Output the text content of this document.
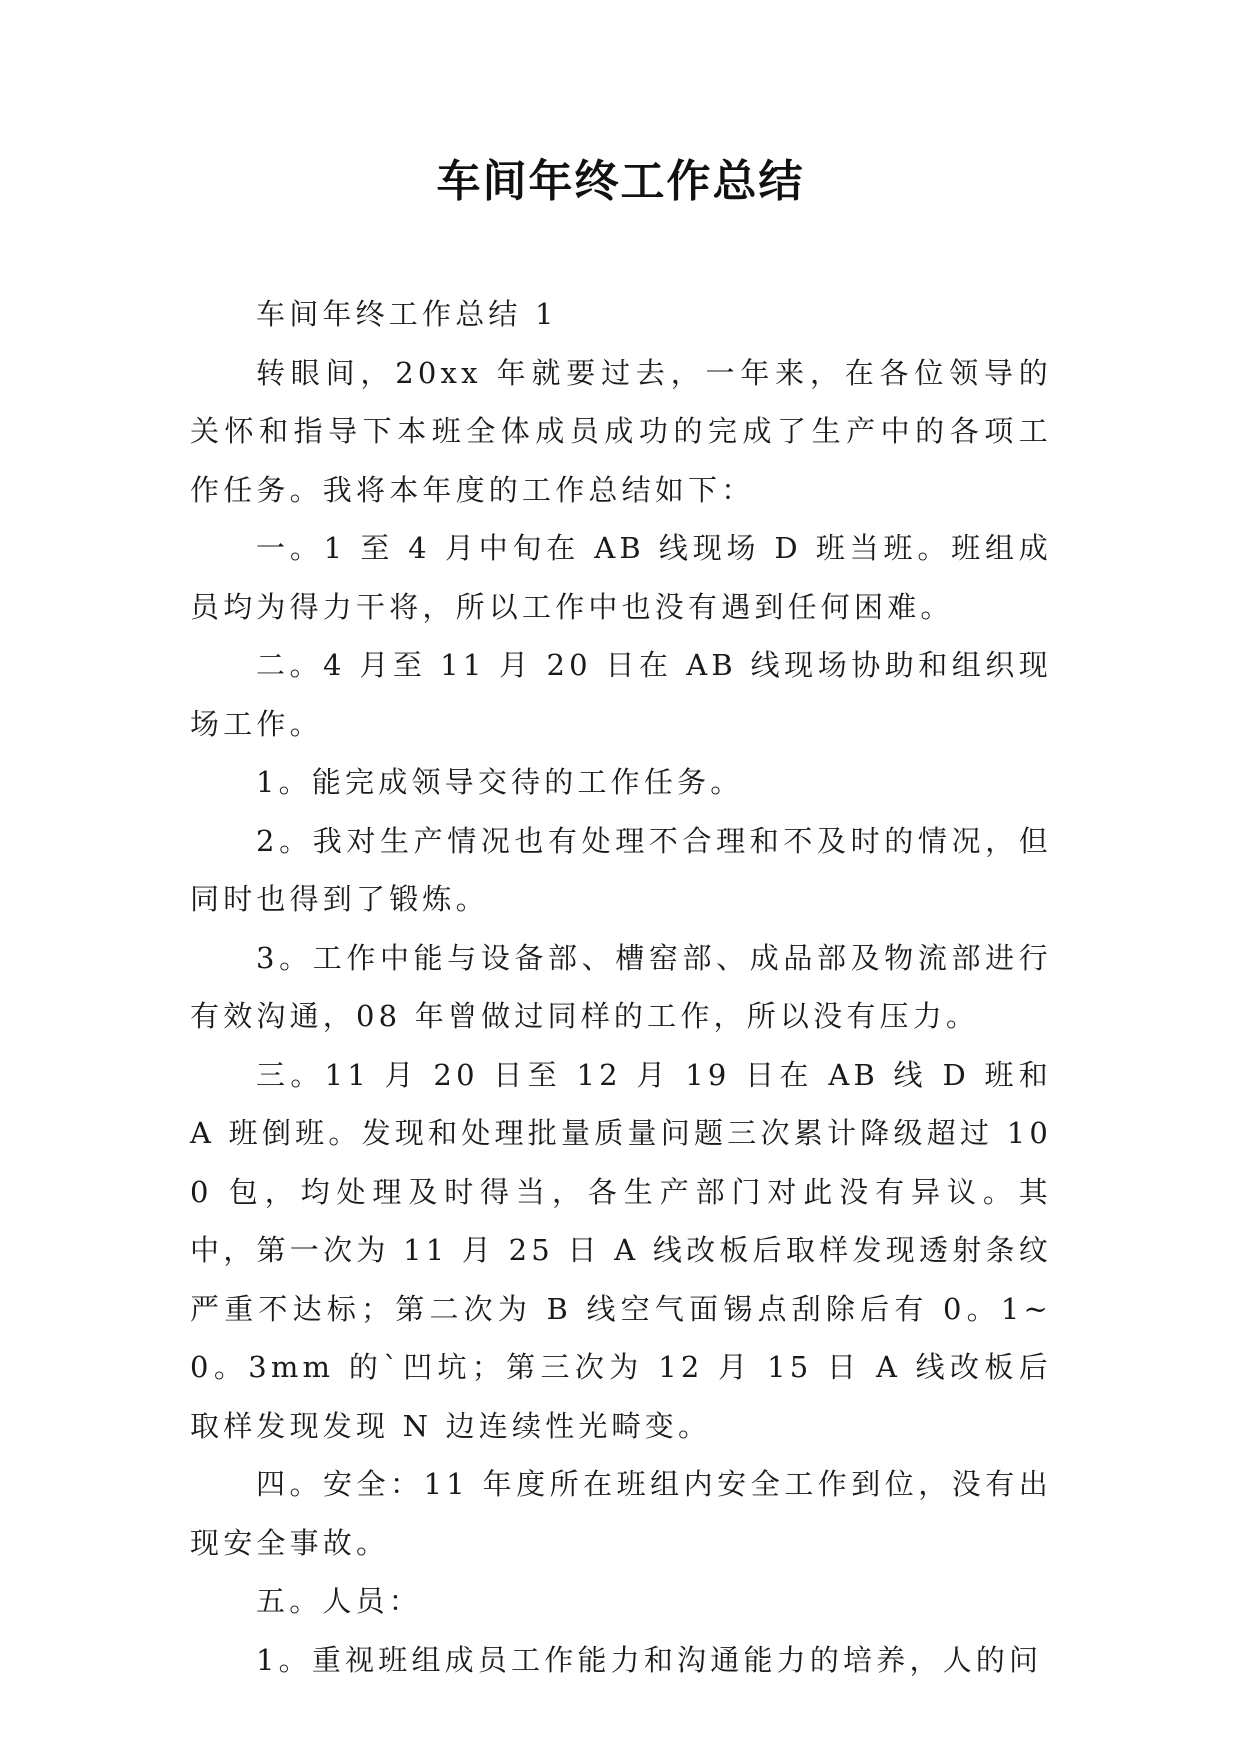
车间年终工作总结

车间年终工作总结 1

转眼间，20xx 年就要过去，一年来，在各位领导的关怀和指导下本班全体成员成功的完成了生产中的各项工作任务。我将本年度的工作总结如下：

一。1 至 4 月中旬在 AB 线现场 D 班当班。班组成员均为得力干将，所以工作中也没有遇到任何困难。

二。4 月至 11 月 20 日在 AB 线现场协助和组织现场工作。

1。能完成领导交待的工作任务。

2。我对生产情况也有处理不合理和不及时的情况，但同时也得到了锻炼。

3。工作中能与设备部、槽窑部、成品部及物流部进行有效沟通，08 年曾做过同样的工作，所以没有压力。

三。11 月 20 日至 12 月 19 日在 AB 线 D 班和 A 班倒班。发现和处理批量质量问题三次累计降级超过 100 包，均处理及时得当，各生产部门对此没有异议。其中，第一次为 11 月 25 日 A 线改板后取样发现透射条纹严重不达标；第二次为 B 线空气面锡点刮除后有 0。1~0。3mm 的`凹坑；第三次为 12 月 15 日 A 线改板后取样发现发现 N 边连续性光畸变。

四。安全：11 年度所在班组内安全工作到位，没有出现安全事故。

五。人员：

1。重视班组成员工作能力和沟通能力的培养，人的问
